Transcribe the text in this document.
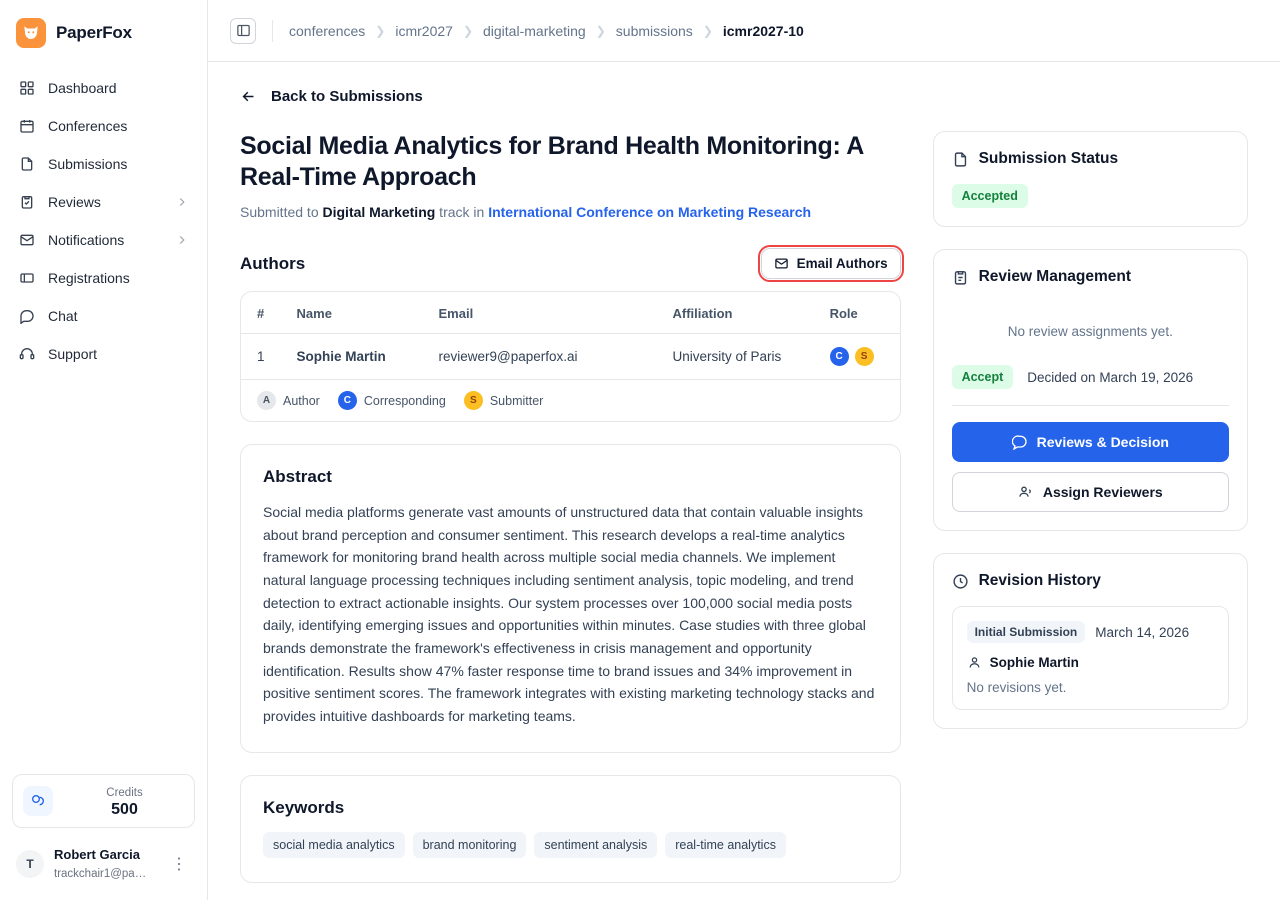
PaperFox
Dashboard
Conferences
Submissions
Reviews
Notifications
Registrations
Chat
Support
Credits
500
T
Robert Garcia trackchair1@pa…
⋮
conferences ❯ icmr2027 ❯ digital-marketing ❯ submissions ❯ icmr2027-10
Back to Submissions
Social Media Analytics for Brand Health Monitoring: A Real-Time Approach

Submitted to Digital Marketing track in International Conference on Marketing Research

Authors	Email Authors
#	Name	Email	Affiliation	Role
1	Sophie Martin	reviewer9@paperfox.ai	University of Paris	C S
A	Author	C	Corresponding	S	Submitter
Abstract

Social media platforms generate vast amounts of unstructured data that contain valuable insights about brand perception and consumer sentiment. This research develops a real-time analytics framework for monitoring brand health across multiple social media channels. We implement natural language processing techniques including sentiment analysis, topic modeling, and trend detection to extract actionable insights. Our system processes over 100,000 social media posts daily, identifying emerging issues and opportunities within minutes. Case studies with three global brands demonstrate the framework's effectiveness in crisis management and opportunity identification. Results show 47% faster response time to brand issues and 34% improvement in positive sentiment scores. The framework integrates with existing marketing technology stacks and provides intuitive dashboards for marketing teams.

Keywords
social media analytics	brand monitoring	sentiment analysis	real-time analytics
Submission Status
Accepted
Review Management
No review assignments yet.
Accept	Decided on March 19, 2026
Reviews & Decision
Assign Reviewers
Revision History
Initial Submission	March 14, 2026
Sophie Martin
No revisions yet.
